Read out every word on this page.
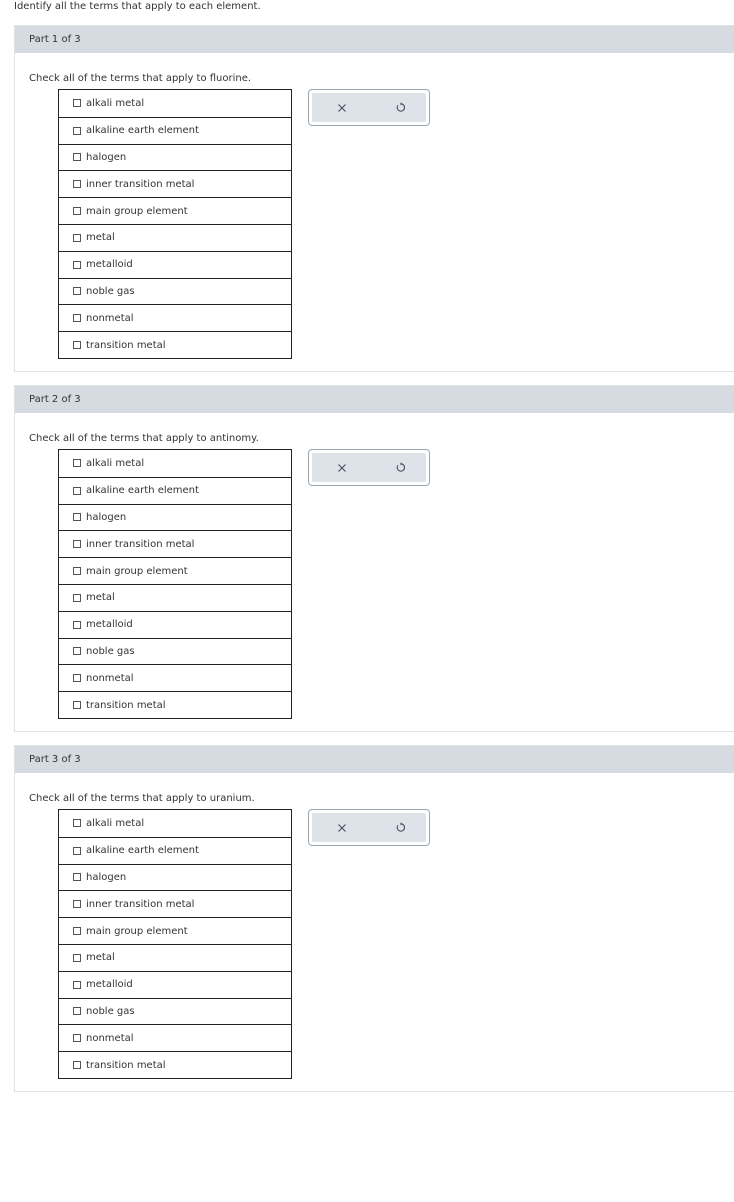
Identify all the terms that apply to each element.
Part 1 of 3
Check all of the terms that apply to fluorine.
alkali metal
alkaline earth element
halogen
inner transition metal
main group element
metal
metalloid
noble gas
nonmetal
transition metal
Part 2 of 3
Check all of the terms that apply to antinomy.
alkali metal
alkaline earth element
halogen
inner transition metal
main group element
metal
metalloid
noble gas
nonmetal
transition metal
Part 3 of 3
Check all of the terms that apply to uranium.
alkali metal
alkaline earth element
halogen
inner transition metal
main group element
metal
metalloid
noble gas
nonmetal
transition metal
